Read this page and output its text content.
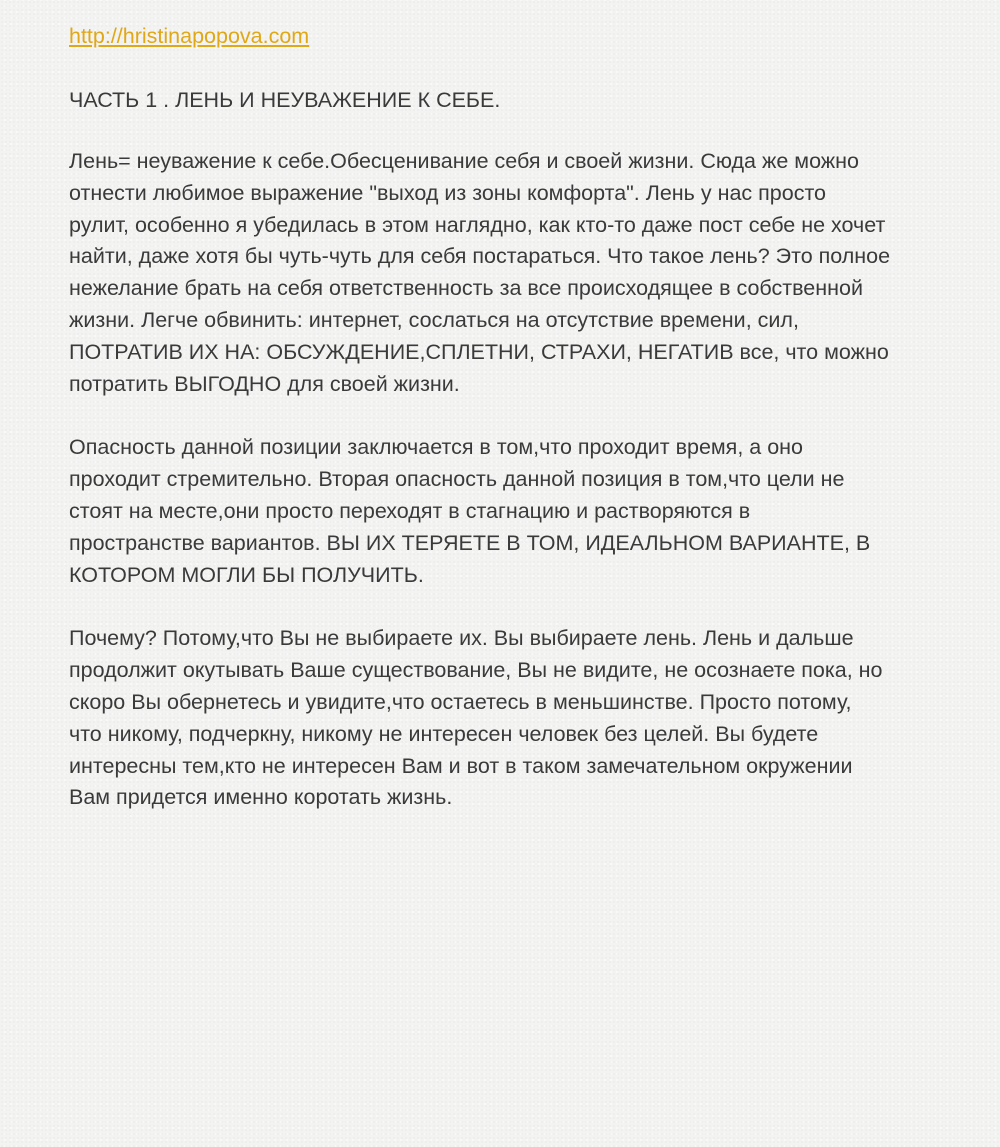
http://hristinapopova.com
ЧАСТЬ 1 . ЛЕНЬ И НЕУВАЖЕНИЕ К СЕБЕ.
Лень= неуважение к себе.Обесценивание себя и своей жизни. Сюда же можно
отнести любимое выражение "выход из зоны комфорта". Лень у нас просто
рулит, особенно я убедилась в этом наглядно, как кто-то даже пост себе не хочет
найти, даже хотя бы чуть-чуть для себя постараться. Что такое лень? Это полное
нежелание брать на себя ответственность за все происходящее в собственной
жизни. Легче обвинить: интернет, сослаться на отсутствие времени, сил,
ПОТРАТИВ ИХ НА: ОБСУЖДЕНИЕ,СПЛЕТНИ, СТРАХИ, НЕГАТИВ все, что можно
потратить ВЫГОДНО для своей жизни.
Опасность данной позиции заключается в том,что проходит время, а оно
проходит стремительно. Вторая опасность данной позиция в том,что цели не
стоят на месте,они просто переходят в стагнацию и растворяются в
пространстве вариантов. ВЫ ИХ ТЕРЯЕТЕ В ТОМ, ИДЕАЛЬНОМ ВАРИАНТЕ, В
КОТОРОМ МОГЛИ БЫ ПОЛУЧИТЬ.
Почему? Потому,что Вы не выбираете их. Вы выбираете лень. Лень и дальше
продолжит окутывать Ваше существование, Вы не видите, не осознаете пока, но
скоро Вы обернетесь и увидите,что остаетесь в меньшинстве. Просто потому,
что никому, подчеркну, никому не интересен человек без целей. Вы будете
интересны тем,кто не интересен Вам и вот в таком замечательном окружении
Вам придется именно коротать жизнь.
